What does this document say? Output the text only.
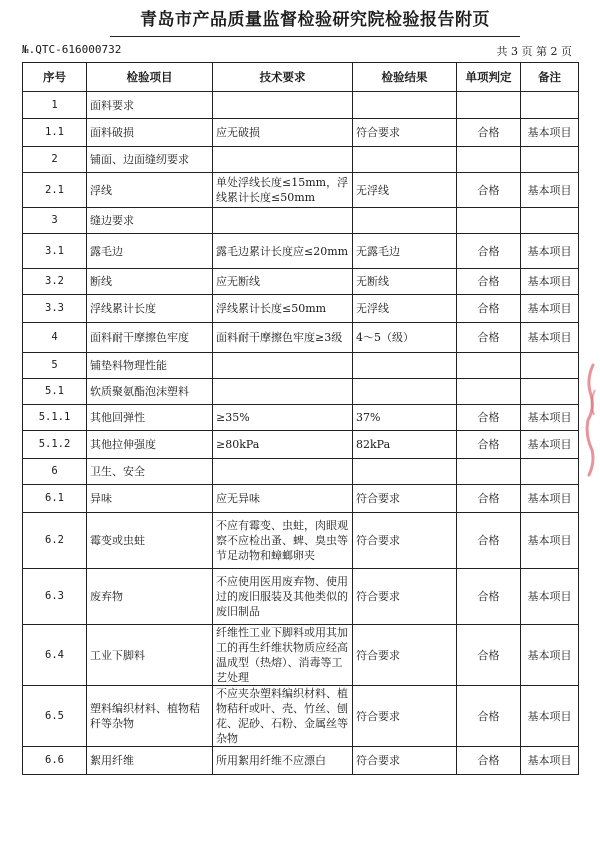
青岛市产品质量监督检验研究院检验报告附页
№.QTC-616000732	共 3 页 第 2 页
序号	检验项目	技术要求	检验结果	单项判定	备注
1	面料要求				
1.1	面料破损	应无破损	符合要求	合格	基本项目
2	铺面、边面缝纫要求				
2.1	浮线	单处浮线长度≤15mm，浮线累计长度≤50mm	无浮线	合格	基本项目
3	缝边要求				
3.1	露毛边	露毛边累计长度应≤20mm	无露毛边	合格	基本项目
3.2	断线	应无断线	无断线	合格	基本项目
3.3	浮线累计长度	浮线累计长度≤50mm	无浮线	合格	基本项目
4	面料耐干摩擦色牢度	面料耐干摩擦色牢度≥3级	4～5（级）	合格	基本项目
5	铺垫料物理性能				
5.1	软质聚氨酯泡沫塑料				
5.1.1	其他回弹性	≥35%	37%	合格	基本项目
5.1.2	其他拉伸强度	≥80kPa	82kPa	合格	基本项目
6	卫生、安全				
6.1	异味	应无异味	符合要求	合格	基本项目
6.2	霉变或虫蛀	不应有霉变、虫蛀，肉眼观察不应检出蚤、蜱、臭虫等节足动物和蟑螂卵夹	符合要求	合格	基本项目
6.3	废弃物	不应使用医用废弃物、使用过的废旧服装及其他类似的废旧制品	符合要求	合格	基本项目
6.4	工业下脚料	纤维性工业下脚料或用其加工的再生纤维状物质应经高温成型（热熔）、消毒等工艺处理	符合要求	合格	基本项目
6.5	塑料编织材料、植物秸秆等杂物	不应夹杂塑料编织材料、植物秸秆或叶、壳、竹丝、刨花、泥砂、石粉、金属丝等杂物	符合要求	合格	基本项目
6.6	絮用纤维	所用絮用纤维不应漂白	符合要求	合格	基本项目
